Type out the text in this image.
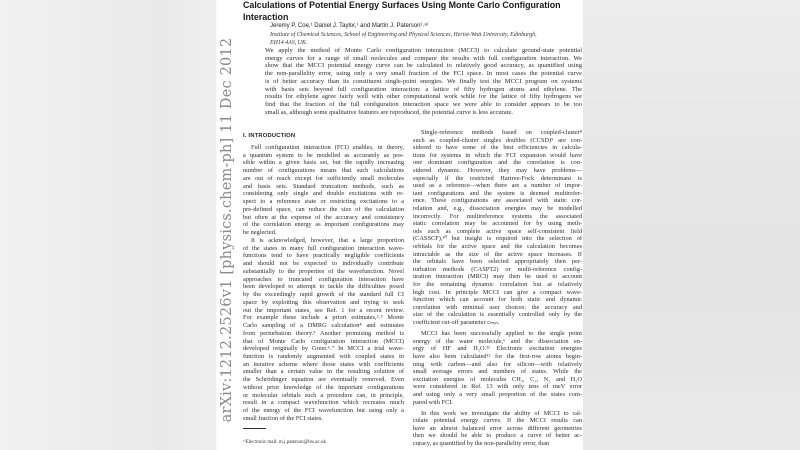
arXiv:1212.2526v1 [physics.chem-ph] 11 Dec 2012
Calculations of Potential Energy Surfaces Using Monte Carlo Configuration
Interaction
Jeremy P. Coe,¹ Daniel J. Taylor,¹ and Martin J. Paterson¹˒ᵃ⁾
Institute of Chemical Sciences, School of Engineering and Physical Sciences, Heriot-Watt University, Edinburgh,
EH14 4AS, UK.
We apply the method of Monte Carlo configuration interaction (MCCI) to calculate ground-state potential
energy curves for a range of small molecules and compare the results with full configuration interaction. We
show that the MCCI potential energy curve can be calculated to relatively good accuracy, as quantified using
the non-parallelity error, using only a very small fraction of the FCI space. In most cases the potential curve
is of better accuracy than its constituent single-point energies. We finally test the MCCI program on systems
with basis sets beyond full configuration interaction: a lattice of fifty hydrogen atoms and ethylene. The
results for ethylene agree fairly well with other computational work while for the lattice of fifty hydrogens we
find that the fraction of the full configuration interaction space we were able to consider appears to be too
small as, although some qualitative features are reproduced, the potential curve is less accurate.
I. INTRODUCTION
Full configuration interaction (FCI) enables, in theory,
a quantum system to be modelled as accurately as pos-
sible within a given basis set, but the rapidly increasing
number of configurations means that such calculations
are out of reach except for sufficiently small molecules
and basis sets. Standard truncation methods, such as
considering only single and double excitations with re-
spect to a reference state or restricting excitations to a
pre-defined space, can reduce the size of the calculation
but often at the expense of the accuracy and consistency
of the correlation energy as important configurations may
be neglected.
It is acknowledged, however, that a large proportion
of the states in many full configuration interaction wave-
functions tend to have practically negligible coefficients
and should not be expected to individually contribute
substantially to the properties of the wavefunction. Novel
approaches to truncated configuration interaction have
been developed to attempt to tackle the difficulties posed
by the exceedingly rapid growth of the standard full CI
space by exploiting this observation and trying to seek
out the important states, see Ref. 1 for a recent review.
For example these include a priori estimates,²˒³ Monte
Carlo sampling of a DMRG calculation⁴ and estimates
from perturbation theory.⁵ Another promising method is
that of Monte Carlo configuration interaction (MCCI)
developed originally by Greer.⁶˒⁷ In MCCI a trial wave-
function is randomly augmented with coupled states in
an iterative scheme where those states with coefficients
smaller than a certain value in the resulting solution of
the Schrödinger equation are eventually removed. Even
without prior knowledge of the important configurations
or molecular orbitals such a procedure can, in principle,
result in a compact wavefunction which recreates much
of the energy of the FCI wavefunction but using only a
small fraction of the FCI states.
Single-reference methods based on coupled-cluster⁸
such as coupled-cluster singles doubles (CCSD)⁹ are con-
sidered to have some of the best efficiencies in calcula-
tions for systems in which the FCI expansion would have
one dominant configuration and the correlation is con-
sidered dynamic. However, they may have problems—
especially if the restricted Hartree-Fock determinant is
used as a reference—when there are a number of impor-
tant configurations and the system is deemed multirefer-
ence. These configurations are associated with static cor-
relation and, e.g., dissociation energies may be modelled
incorrectly. For multireference systems the associated
static correlation may be accounted for by using meth-
ods such as complete active space self-consistent field
(CASSCF),¹⁰ but insight is required into the selection of
orbitals for the active space and the calculation becomes
intractable as the size of the active space increases. If
the orbitals have been selected appropriately then per-
turbation methods (CASPT2) or multi-reference config-
uration interaction (MRCI) may then be used to account
for the remaining dynamic correlation but at relatively
high cost. In principle MCCI can give a compact wave-
function which can account for both static and dynamic
correlation with minimal user choices: the accuracy and
size of the calculation is essentially controlled only by the
coefficient cut-off parameter cₘᵢₙ.
MCCI has been successfully applied to the single point
energy of the water molecule,⁶ and the dissociation en-
ergy of HF and H₂O.¹¹ Electronic excitation energies
have also been calculated¹² for the first-row atoms begin-
ning with carbon—and also for silicon—with relatively
small average errors and numbers of states. While the
excitation energies of molecules CH₂, C₂, N₂ and H₂O
were considered in Ref. 13 with only tens of meV error
and using only a very small proportion of the states com-
pared with FCI.
In this work we investigate the ability of MCCI to cal-
culate potential energy curves. If the MCCI results can
have an almost balanced error across different geometries
then we should be able to produce a curve of better ac-
curacy, as quantified by the non-parallelity error, than
ᵃ⁾Electronic mail: m.j.paterson@hw.ac.uk
